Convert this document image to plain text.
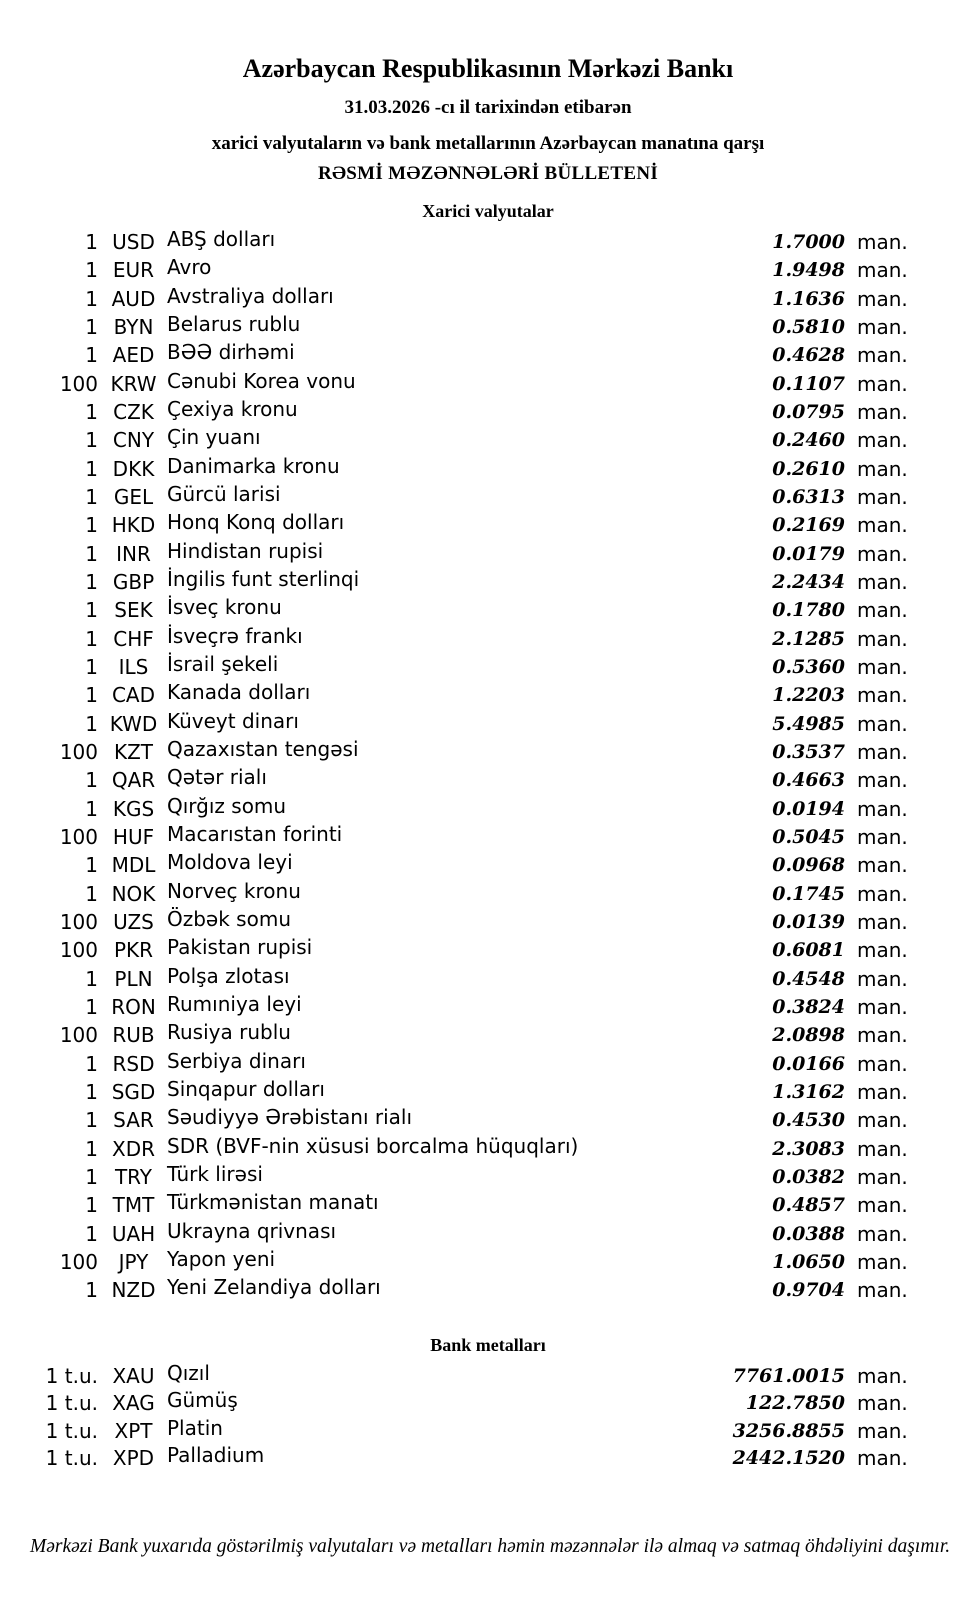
Azərbaycan Respublikasının Mərkəzi Bankı
31.03.2026 -cı il tarixindən etibarən
xarici valyutaların və bank metallarının Azərbaycan manatına qarşı
RƏSMİ MƏZƏNNƏLƏRİ BÜLLETENİ
Xarici valyutalar
1 USD ABŞ dolları	1.7000 man.
1 EUR Avro	1.9498 man.
1 AUD Avstraliya dolları	1.1636 man.
1 BYN Belarus rublu	0.5810 man.
1 AED BƏƏ dirhəmi	0.4628 man.
100 KRW Cənubi Korea vonu	0.1107 man.
1 CZK Çexiya kronu	0.0795 man.
1 CNY Çin yuanı	0.2460 man.
1 DKK Danimarka kronu	0.2610 man.
1 GEL Gürcü larisi	0.6313 man.
1 HKD Honq Konq dolları	0.2169 man.
1 INR Hindistan rupisi	0.0179 man.
1 GBP İngilis funt sterlinqi	2.2434 man.
1 SEK İsveç kronu	0.1780 man.
1 CHF İsveçrə frankı	2.1285 man.
1	ILS İsrail şekeli	0.5360 man.
1 CAD Kanada dolları	1.2203 man.
1 KWD Küveyt dinarı	5.4985 man.
100 KZT Qazaxıstan tengəsi	0.3537 man.
1 QAR Qətər rialı	0.4663 man.
1 KGS Qırğız somu	0.0194 man.
100 HUF Macarıstan forinti	0.5045 man.
1 MDL Moldova leyi	0.0968 man.
1 NOK Norveç kronu	0.1745 man.
100 UZS Özbək somu	0.0139 man.
100 PKR Pakistan rupisi	0.6081 man.
1 PLN Polşa zlotası	0.4548 man.
1 RON Rumıniya leyi	0.3824 man.
100 RUB Rusiya rublu	2.0898 man.
1 RSD Serbiya dinarı	0.0166 man.
1 SGD Sinqapur dolları	1.3162 man.
1 SAR Səudiyyə Ərəbistanı rialı	0.4530 man.
1 XDR SDR (BVF-nin xüsusi borcalma hüquqları)	2.3083 man.
1 TRY Türk lirəsi	0.0382 man.
1 TMT Türkmənistan manatı	0.4857 man.
1 UAH Ukrayna qrivnası	0.0388 man.
100	JPY Yapon yeni	1.0650 man.
1 NZD Yeni Zelandiya dolları	0.9704 man.
Bank metalları
1 t.u. XAU Qızıl	7761.0015 man.
1 t.u. XAG Gümüş	122.7850 man.
1 t.u. XPT Platin	3256.8855 man.
1 t.u. XPD Palladium	2442.1520 man.
Mərkəzi Bank yuxarıda göstərilmiş valyutaları və metalları həmin məzənnələr ilə almaq və satmaq öhdəliyini daşımır.
